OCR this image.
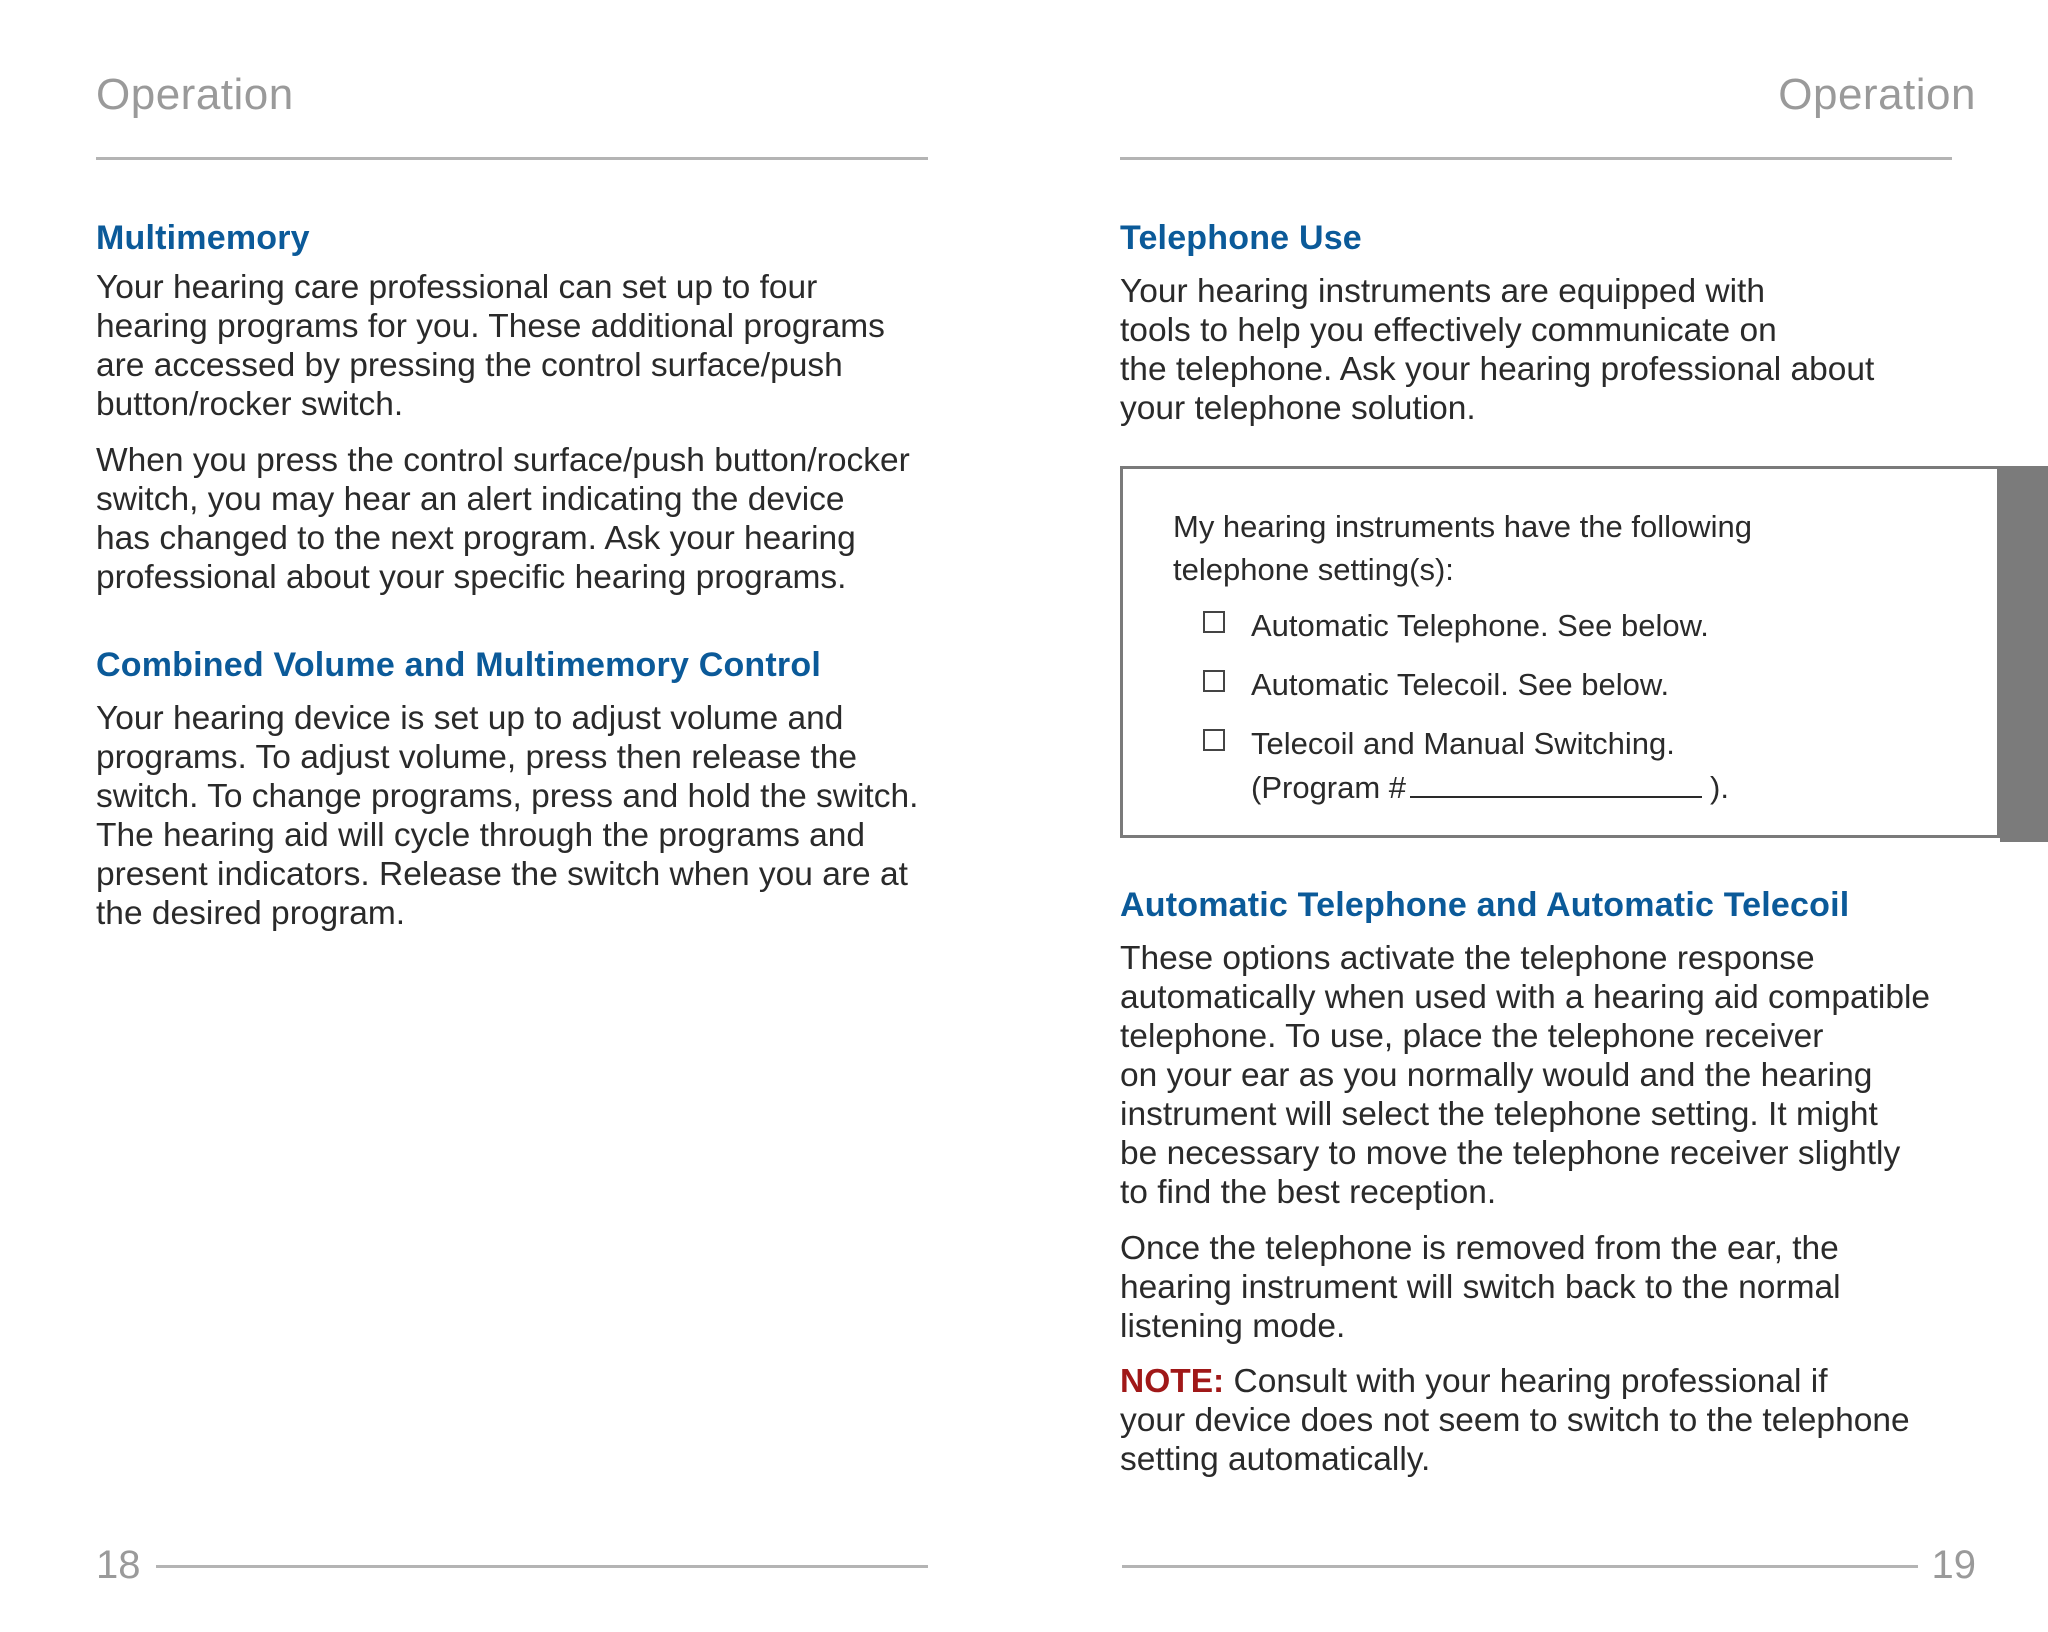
Operation
Multimemory
Your hearing care professional can set up to four
hearing programs for you. These additional programs
are accessed by pressing the control surface/push
button/rocker switch.
When you press the control surface/push button/rocker
switch, you may hear an alert indicating the device
has changed to the next program. Ask your hearing
professional about your specific hearing programs.
Combined Volume and Multimemory Control
Your hearing device is set up to adjust volume and
programs. To adjust volume, press then release the
switch. To change programs, press and hold the switch.
The hearing aid will cycle through the programs and
present indicators. Release the switch when you are at
the desired program.
18
Operation
Telephone Use
Your hearing instruments are equipped with
tools to help you effectively communicate on
the telephone. Ask your hearing professional about
your telephone solution.
My hearing instruments have the following
telephone setting(s):
Automatic Telephone. See below.
Automatic Telecoil. See below.
Telecoil and Manual Switching.
(Program #	).
Automatic Telephone and Automatic Telecoil
These options activate the telephone response
automatically when used with a hearing aid compatible
telephone. To use, place the telephone receiver
on your ear as you normally would and the hearing
instrument will select the telephone setting. It might
be necessary to move the telephone receiver slightly
to find the best reception.
Once the telephone is removed from the ear, the
hearing instrument will switch back to the normal
listening mode.
NOTE: Consult with your hearing professional if
your device does not seem to switch to the telephone
setting automatically.
19
